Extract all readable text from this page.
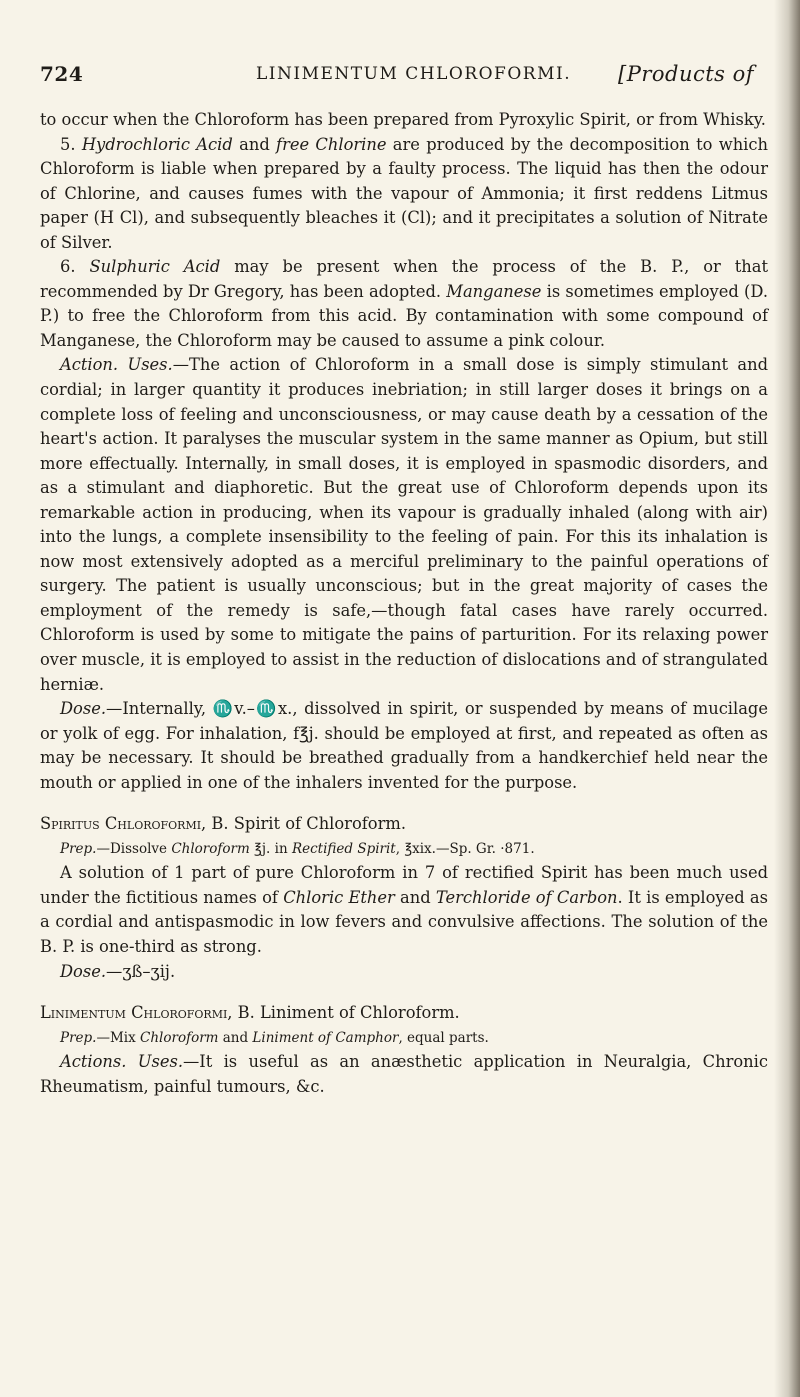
724	LINIMENTUM CHLOROFORMI. [Products of

to occur when the Chloroform has been prepared from Pyroxylic Spirit, or from Whisky.

5. Hydrochloric Acid and free Chlorine are produced by the decomposition to which Chloroform is liable when prepared by a faulty process. The liquid has then the odour of Chlorine, and causes fumes with the vapour of Ammonia; it first reddens Litmus paper (H Cl), and subsequently bleaches it (Cl); and it precipitates a solution of Nitrate of Silver.

6. Sulphuric Acid may be present when the process of the B. P., or that recommended by Dr Gregory, has been adopted. Manganese is sometimes employed (D. P.) to free the Chloroform from this acid. By contamination with some compound of Manganese, the Chloroform may be caused to assume a pink colour.

Action. Uses.—The action of Chloroform in a small dose is simply stimulant and cordial; in larger quantity it produces inebriation; in still larger doses it brings on a complete loss of feeling and unconsciousness, or may cause death by a cessation of the heart's action. It paralyses the muscular system in the same manner as Opium, but still more effectually. Internally, in small doses, it is employed in spasmodic disorders, and as a stimulant and diaphoretic. But the great use of Chloroform depends upon its remarkable action in producing, when its vapour is gradually inhaled (along with air) into the lungs, a complete insensibility to the feeling of pain. For this its inhalation is now most extensively adopted as a merciful preliminary to the painful operations of surgery. The patient is usually unconscious; but in the great majority of cases the employment of the remedy is safe,—though fatal cases have rarely occurred. Chloroform is used by some to mitigate the pains of parturition. For its relaxing power over muscle, it is employed to assist in the reduction of dislocations and of strangulated herniæ.

Dose.—Internally, ♏v.–♏x., dissolved in spirit, or suspended by means of mucilage or yolk of egg. For inhalation, f℥j. should be employed at first, and repeated as often as may be necessary. It should be breathed gradually from a handkerchief held near the mouth or applied in one of the inhalers invented for the purpose.

Spiritus Chloroformi, B. Spirit of Chloroform.

Prep.—Dissolve Chloroform ℥j. in Rectified Spirit, ℥xix.—Sp. Gr. ·871.

A solution of 1 part of pure Chloroform in 7 of rectified Spirit has been much used under the fictitious names of Chloric Ether and Terchloride of Carbon. It is employed as a cordial and antispasmodic in low fevers and convulsive affections. The solution of the B. P. is one-third as strong.

Dose.—ʒß–ʒij.

Linimentum Chloroformi, B. Liniment of Chloroform.

Prep.—Mix Chloroform and Liniment of Camphor, equal parts.

Actions. Uses.—It is useful as an anæsthetic application in Neuralgia, Chronic Rheumatism, painful tumours, &c.
